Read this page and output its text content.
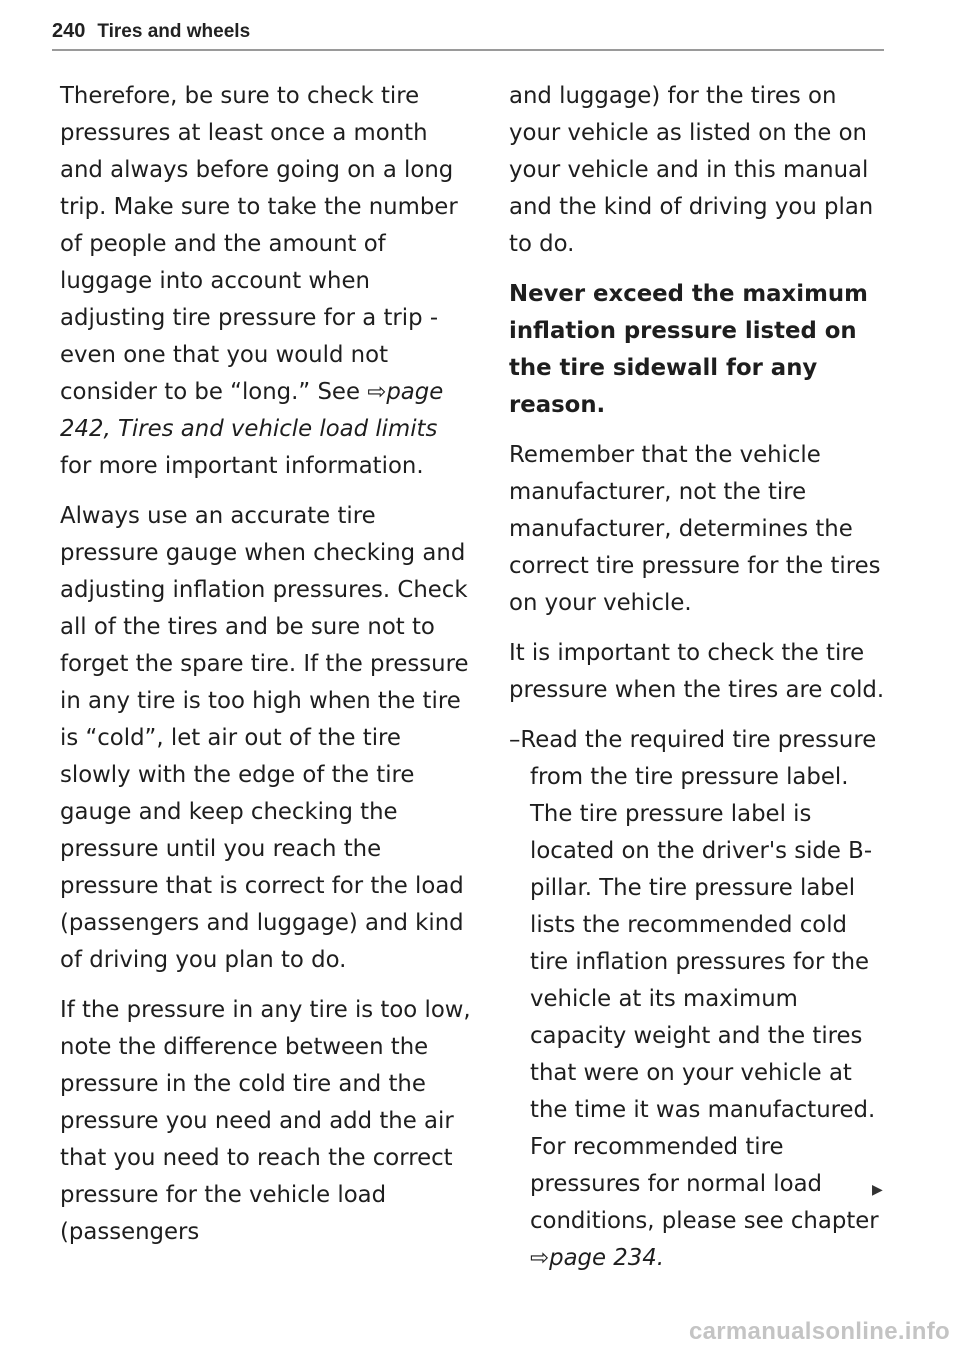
240 Tires and wheels

Therefore, be sure to check tire pressures at least once a month and always before going on a long trip. Make sure to take the number of people and the amount of luggage into account when adjusting tire pressure for a trip - even one that you would not consider to be “long.” See ⇨page 242, Tires and vehicle load limits for more important information.

Always use an accurate tire pressure gauge when checking and adjusting inflation pressures. Check all of the tires and be sure not to forget the spare tire. If the pressure in any tire is too high when the tire is “cold”, let air out of the tire slowly with the edge of the tire gauge and keep checking the pressure until you reach the pressure that is correct for the load (passengers and luggage) and kind of driving you plan to do.

If the pressure in any tire is too low, note the difference between the pressure in the cold tire and the pressure you need and add the air that you need to reach the correct pressure for the vehicle load (passengers

and luggage) for the tires on your vehicle as listed on the on your vehicle and in this manual and the kind of driving you plan to do.

Never exceed the maximum inflation pressure listed on the tire sidewall for any reason.

Remember that the vehicle manufacturer, not the tire manufacturer, determines the correct tire pressure for the tires on your vehicle.

It is important to check the tire pressure when the tires are cold.

–Read the required tire pressure from the tire pressure label. The tire pressure label is located on the driver's side B-pillar. The tire pressure label lists the recommended cold tire inflation pressures for the vehicle at its maximum capacity weight and the tires that were on your vehicle at the time it was manufactured. For recommended tire pressures for normal load conditions, please see chapter ⇨page 234.

▶
carmanualsonline.info
